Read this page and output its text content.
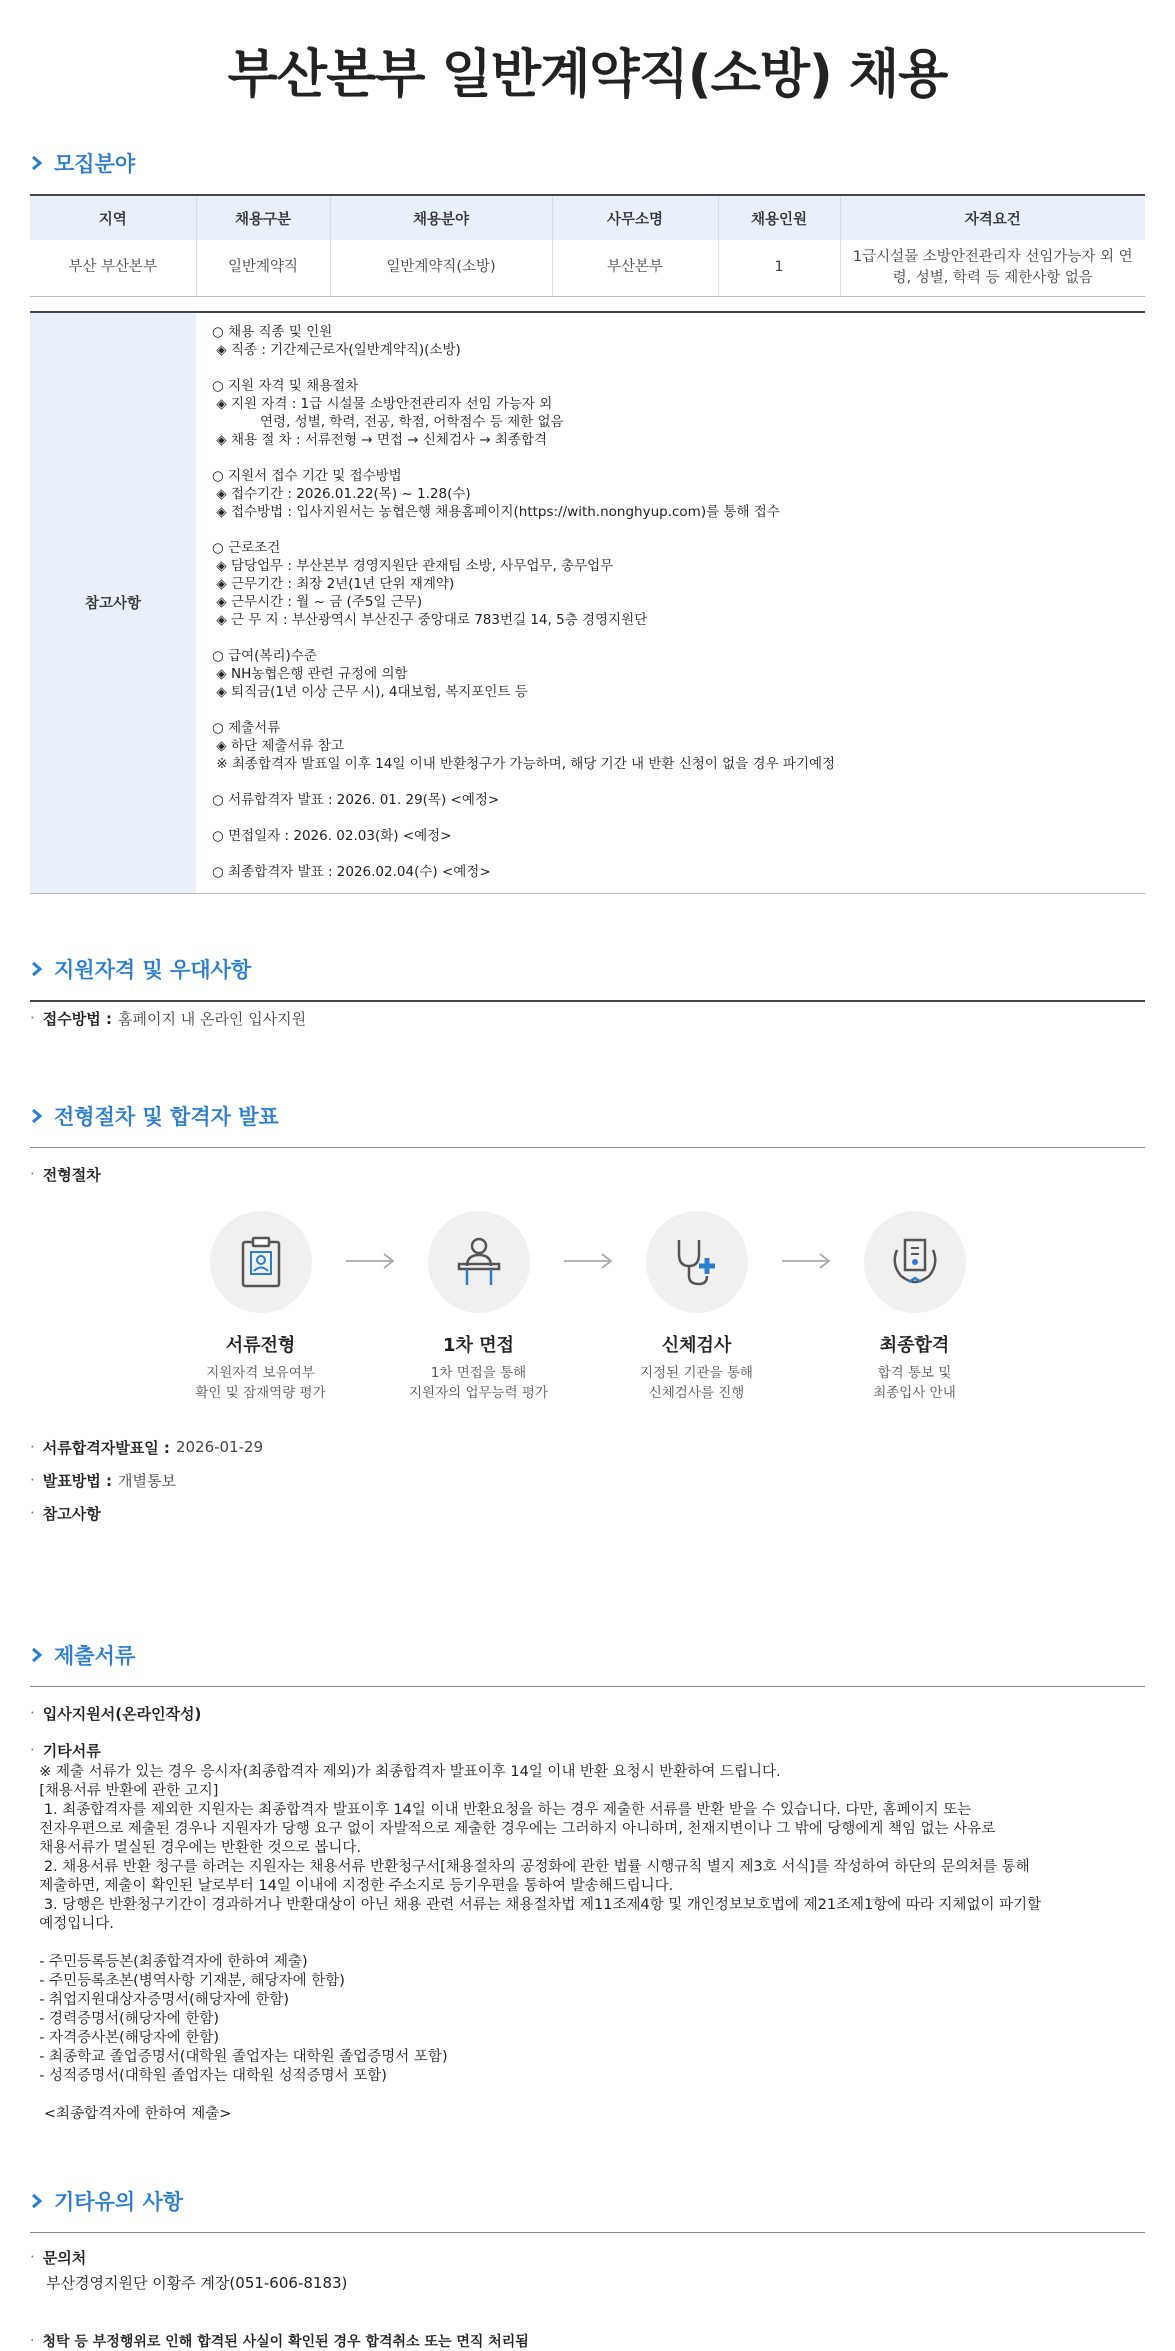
부산본부 일반계약직(소방) 채용
모집분야
지역	채용구분	채용분야	사무소명	채용인원	자격요건
부산 부산본부	일반계약직	일반계약직(소방)	부산본부	1	1급시설물 소방안전관리자 선임가능자 외 연령, 성별, 학력 등 제한사항 없음
참고사항
○ 채용 직종 및 인원
◈ 직종 : 기간제근로자(일반계약직)(소방)
○ 지원 자격 및 채용절차
◈ 지원 자격 : 1급 시설물 소방안전관리자 선임 가능자 외
연령, 성별, 학력, 전공, 학점, 어학점수 등 제한 없음
◈ 채용 절 차 : 서류전형 → 면접 → 신체검사 → 최종합격
○ 지원서 접수 기간 및 접수방법
◈ 접수기간 : 2026.01.22(목) ~ 1.28(수)
◈ 접수방법 : 입사지원서는 농협은행 채용홈페이지(https://with.nonghyup.com)를 통해 접수
○ 근로조건
◈ 담당업무 : 부산본부 경영지원단 관재팀 소방, 사무업무, 총무업무
◈ 근무기간 : 최장 2년(1년 단위 재계약)
◈ 근무시간 : 월 ~ 금 (주5일 근무)
◈ 근 무 지 : 부산광역시 부산진구 중앙대로 783번길 14, 5층 경영지원단
○ 급여(복리)수준
◈ NH농협은행 관련 규정에 의함
◈ 퇴직금(1년 이상 근무 시), 4대보험, 복지포인트 등
○ 제출서류
◈ 하단 제출서류 참고
※ 최종합격자 발표일 이후 14일 이내 반환청구가 가능하며, 해당 기간 내 반환 신청이 없을 경우 파기예정
○ 서류합격자 발표 : 2026. 01. 29(목) <예정>
○ 면접일자 : 2026. 02.03(화) <예정>
○ 최종합격자 발표 : 2026.02.04(수) <예정>
지원자격 및 우대사항
· 접수방법 : 홈페이지 내 온라인 입사지원
전형절차 및 합격자 발표
· 전형절차
서류전형
지원자격 보유여부
확인 및 잠재역량 평가
1차 면접
1차 면접을 통해
지원자의 업무능력 평가
신체검사
지정된 기관을 통해
신체검사를 진행
최종합격
합격 통보 및
최종입사 안내
· 서류합격자발표일 : 2026-01-29
· 발표방법 : 개별통보
· 참고사항
제출서류
· 입사지원서(온라인작성)
· 기타서류
※ 제출 서류가 있는 경우 응시자(최종합격자 제외)가 최종합격자 발표이후 14일 이내 반환 요청시 반환하여 드립니다.
[채용서류 반환에 관한 고지]
1. 최종합격자를 제외한 지원자는 최종합격자 발표이후 14일 이내 반환요청을 하는 경우 제출한 서류를 반환 받을 수 있습니다. 다만, 홈페이지 또는
전자우편으로 제출된 경우나 지원자가 당행 요구 없이 자발적으로 제출한 경우에는 그러하지 아니하며, 천재지변이나 그 밖에 당행에게 책임 없는 사유로
채용서류가 멸실된 경우에는 반환한 것으로 봅니다.
2. 채용서류 반환 청구를 하려는 지원자는 채용서류 반환청구서[채용절차의 공정화에 관한 법률 시행규칙 별지 제3호 서식]를 작성하여 하단의 문의처를 통해
제출하면, 제출이 확인된 날로부터 14일 이내에 지정한 주소지로 등기우편을 통하여 발송해드립니다.
3. 당행은 반환청구기간이 경과하거나 반환대상이 아닌 채용 관련 서류는 채용절차법 제11조제4항 및 개인정보보호법에 제21조제1항에 따라 지체없이 파기할
예정입니다.
- 주민등록등본(최종합격자에 한하여 제출)
- 주민등록초본(병역사항 기재분, 해당자에 한함)
- 취업지원대상자증명서(해당자에 한함)
- 경력증명서(해당자에 한함)
- 자격증사본(해당자에 한함)
- 최종학교 졸업증명서(대학원 졸업자는 대학원 졸업증명서 포함)
- 성적증명서(대학원 졸업자는 대학원 성적증명서 포함)
<최종합격자에 한하여 제출>
기타유의 사항
· 문의처
부산경영지원단 이황주 계장(051-606-8183)
· 청탁 등 부정행위로 인해 합격된 사실이 확인된 경우 합격취소 또는 면직 처리됨
